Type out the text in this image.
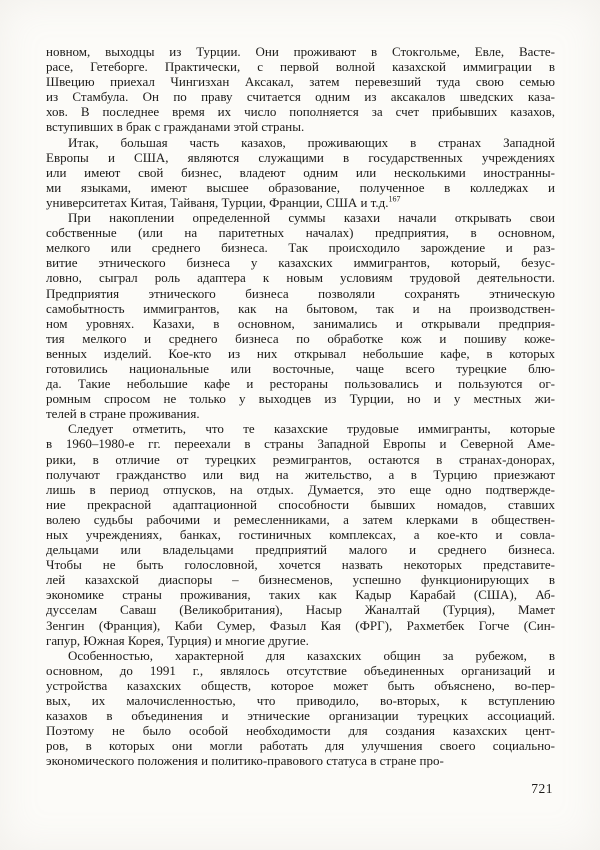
новном, выходцы из Турции. Они проживают в Стокгольме, Евле, Васте-
расе, Гетеборге. Практически, с первой волной казахской иммиграции в
Швецию приехал Чингизхан Аксакал, затем перевезший туда свою семью
из Стамбула. Он по праву считается одним из аксакалов шведских каза-
хов. В последнее время их число пополняется за счет прибывших казахов,
вступивших в брак с гражданами этой страны.
Итак, большая часть казахов, проживающих в странах Западной
Европы и США, являются служащими в государственных учреждениях
или имеют свой бизнес, владеют одним или несколькими иностранны-
ми языками, имеют высшее образование, полученное в колледжах и
университетах Китая, Тайваня, Турции, Франции, США и т.д.$^{167}$
При накоплении определенной суммы казахи начали открывать свои
собственные (или на паритетных началах) предприятия, в основном,
мелкого или среднего бизнеса. Так происходило зарождение и раз-
витие этнического бизнеса у казахских иммигрантов, который, безус-
ловно, сыграл роль адаптера к новым условиям трудовой деятельности.
Предприятия этнического бизнеса позволяли сохранять этническую
самобытность иммигрантов, как на бытовом, так и на производствен-
ном уровнях. Казахи, в основном, занимались и открывали предприя-
тия мелкого и среднего бизнеса по обработке кож и пошиву коже-
венных изделий. Кое-кто из них открывал небольшие кафе, в которых
готовились национальные или восточные, чаще всего турецкие блю-
да. Такие небольшие кафе и рестораны пользовались и пользуются ог-
ромным спросом не только у выходцев из Турции, но и у местных жи-
телей в стране проживания.
Следует отметить, что те казахские трудовые иммигранты, которые
в 1960–1980-е гг. переехали в страны Западной Европы и Северной Аме-
рики, в отличие от турецких реэмигрантов, остаются в странах-донорах,
получают гражданство или вид на жительство, а в Турцию приезжают
лишь в период отпусков, на отдых. Думается, это еще одно подтвержде-
ние прекрасной адаптационной способности бывших номадов, ставших
волею судьбы рабочими и ремесленниками, а затем клерками в обществен-
ных учреждениях, банках, гостиничных комплексах, а кое-кто и совла-
дельцами или владельцами предприятий малого и среднего бизнеса.
Чтобы не быть голословной, хочется назвать некоторых представите-
лей казахской диаспоры – бизнесменов, успешно функционирующих в
экономике страны проживания, таких как Кадыр Карабай (США), Аб-
дусселам Саваш (Великобритания), Насыр Жаналтай (Турция), Мамет
Зенгин (Франция), Каби Сумер, Фазыл Кая (ФРГ), Рахметбек Гогче (Син-
гапур, Южная Корея, Турция) и многие другие.
Особенностью, характерной для казахских общин за рубежом, в
основном, до 1991 г., являлось отсутствие объединенных организаций и
устройства казахских обществ, которое может быть объяснено, во-пер-
вых, их малочисленностью, что приводило, во-вторых, к вступлению
казахов в объединения и этнические организации турецких ассоциаций.
Поэтому не было особой необходимости для создания казахских цент-
ров, в которых они могли работать для улучшения своего социально-
экономического положения и политико-правового статуса в стране про-
721
